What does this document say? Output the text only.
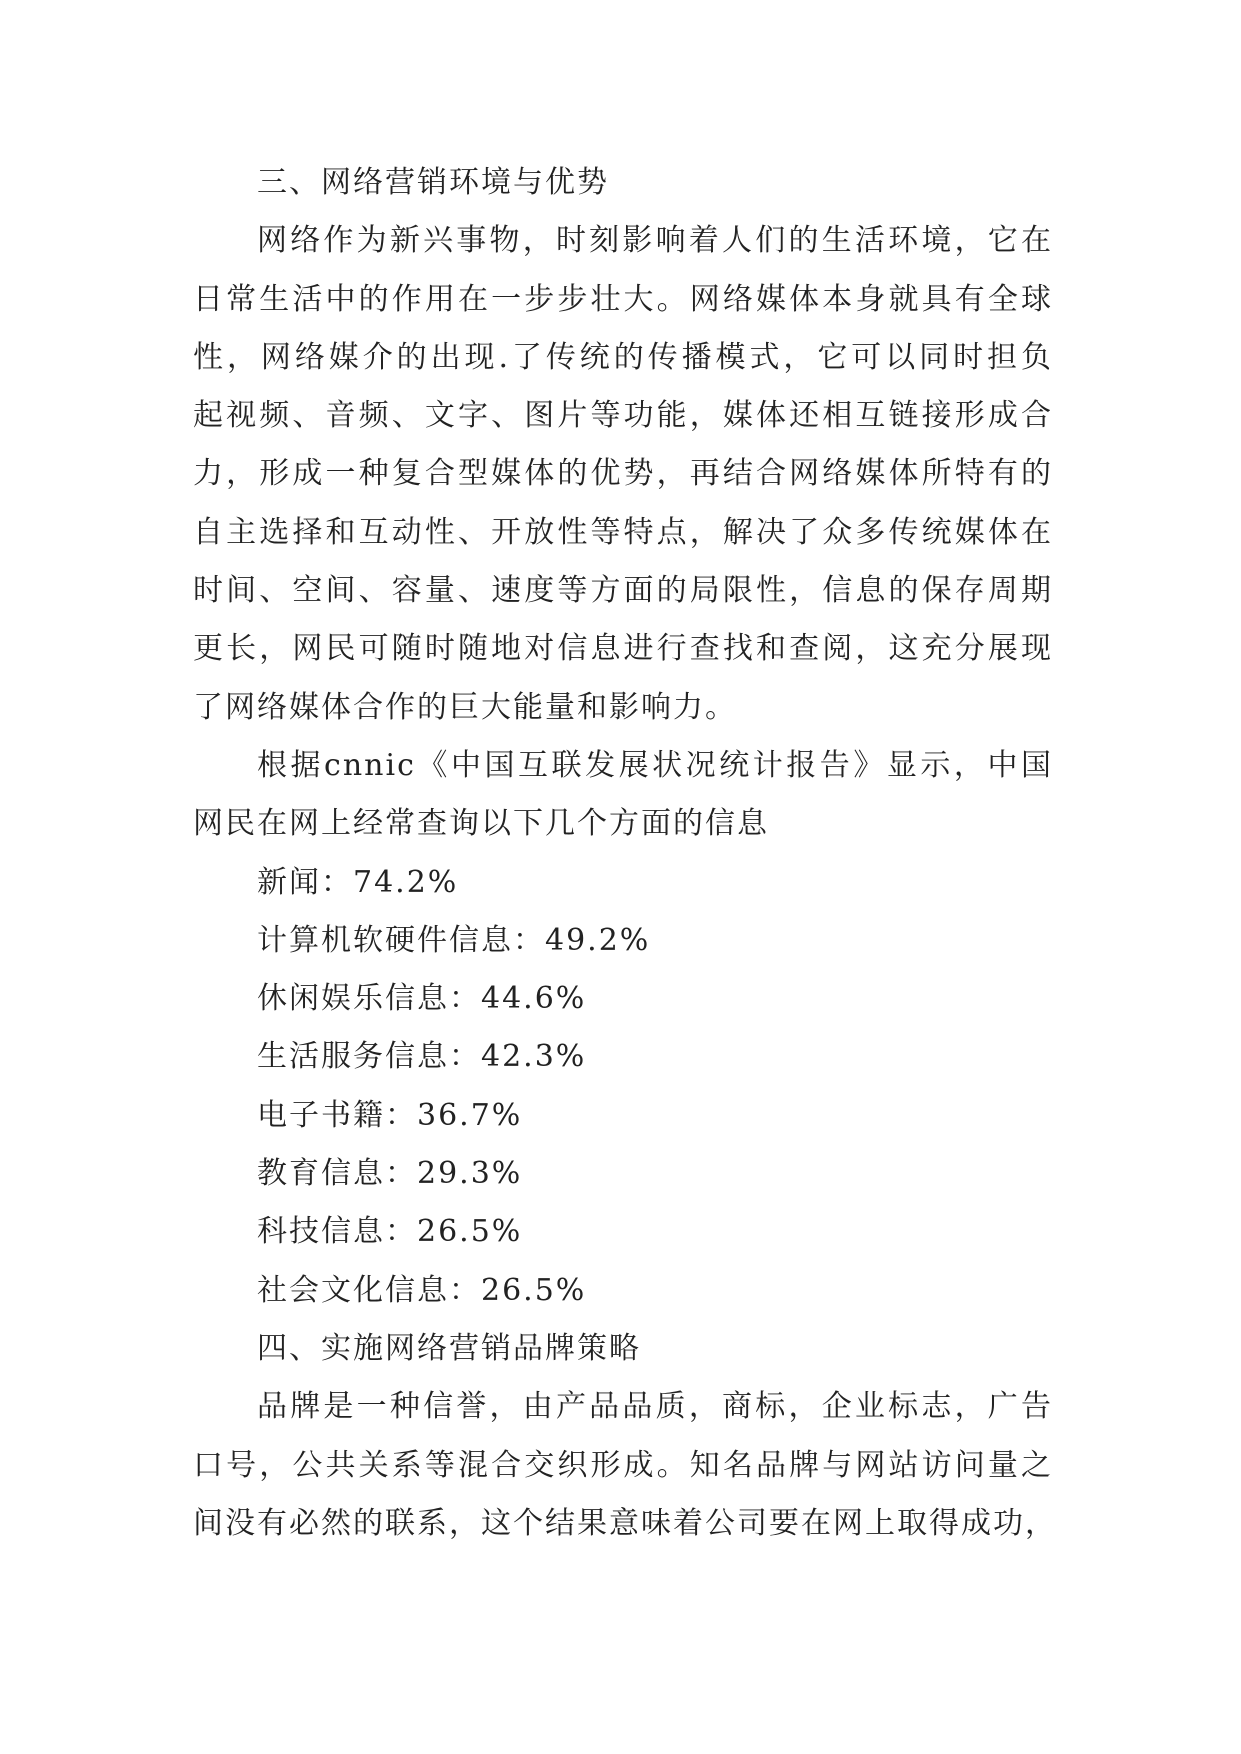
三、网络营销环境与优势
网络作为新兴事物，时刻影响着人们的生活环境，它在
日常生活中的作用在一步步壮大。网络媒体本身就具有全球
性，网络媒介的出现.了传统的传播模式，它可以同时担负
起视频、音频、文字、图片等功能，媒体还相互链接形成合
力，形成一种复合型媒体的优势，再结合网络媒体所特有的
自主选择和互动性、开放性等特点，解决了众多传统媒体在
时间、空间、容量、速度等方面的局限性，信息的保存周期
更长，网民可随时随地对信息进行查找和查阅，这充分展现
了网络媒体合作的巨大能量和影响力。
根据cnnic《中国互联发展状况统计报告》显示，中国
网民在网上经常查询以下几个方面的信息
新闻：74.2%
计算机软硬件信息：49.2%
休闲娱乐信息：44.6%
生活服务信息：42.3%
电子书籍：36.7%
教育信息：29.3%
科技信息：26.5%
社会文化信息：26.5%
四、实施网络营销品牌策略
品牌是一种信誉，由产品品质，商标，企业标志，广告
口号，公共关系等混合交织形成。知名品牌与网站访问量之
间没有必然的联系，这个结果意味着公司要在网上取得成功，
